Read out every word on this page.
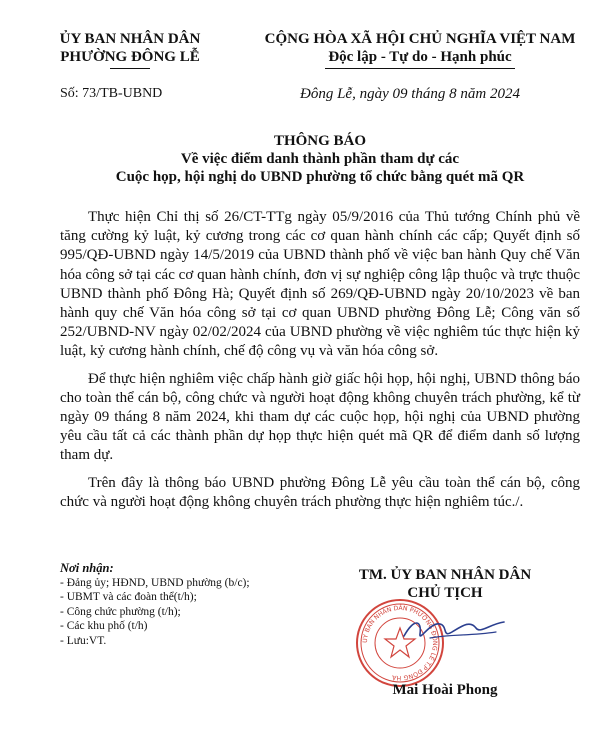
ỦY BAN NHÂN DÂN
PHƯỜNG ĐÔNG LỄ
CỘNG HÒA XÃ HỘI CHỦ NGHĨA VIỆT NAM
Độc lập - Tự do - Hạnh phúc
Số: 73/TB-UBND	Đông Lễ, ngày 09 tháng 8 năm 2024
THÔNG BÁO
Về việc điểm danh thành phần tham dự các
Cuộc họp, hội nghị do UBND phường tổ chức bằng quét mã QR

Thực hiện Chỉ thị số 26/CT-TTg ngày 05/9/2016 của Thủ tướng Chính phủ về tăng cường kỷ luật, kỷ cương trong các cơ quan hành chính các cấp; Quyết định số 995/QĐ-UBND ngày 14/5/2019 của UBND thành phố về việc ban hành Quy chế Văn hóa công sở tại các cơ quan hành chính, đơn vị sự nghiệp công lập thuộc và trực thuộc UBND thành phố Đông Hà; Quyết định số 269/QĐ-UBND ngày 20/10/2023 về ban hành quy chế Văn hóa công sở tại cơ quan UBND phường Đông Lễ; Công văn số 252/UBND-NV ngày 02/02/2024 của UBND phường về việc nghiêm túc thực hiện kỷ luật, kỷ cương hành chính, chế độ công vụ và văn hóa công sở.

Để thực hiện nghiêm việc chấp hành giờ giấc hội họp, hội nghị, UBND thông báo cho toàn thể cán bộ, công chức và người hoạt động không chuyên trách phường, kể từ ngày 09 tháng 8 năm 2024, khi tham dự các cuộc họp, hội nghị của UBND phường yêu cầu tất cả các thành phần dự họp thực hiện quét mã QR để điểm danh số lượng tham dự.

Trên đây là thông báo UBND phường Đông Lễ yêu cầu toàn thể cán bộ, công chức và người hoạt động không chuyên trách phường thực hiện nghiêm túc./.

Nơi nhận:
- Đảng ủy; HĐND, UBND phường (b/c);
- UBMT và các đoàn thể(t/h);
- Công chức phường (t/h);
- Các khu phố (t/h)
- Lưu:VT.
TM. ỦY BAN NHÂN DÂN
CHỦ TỊCH
ỦY BAN NHÂN DÂN PHƯỜNG ĐÔNG LỄ T.P ĐÔNG HÀ
Mai Hoài Phong
